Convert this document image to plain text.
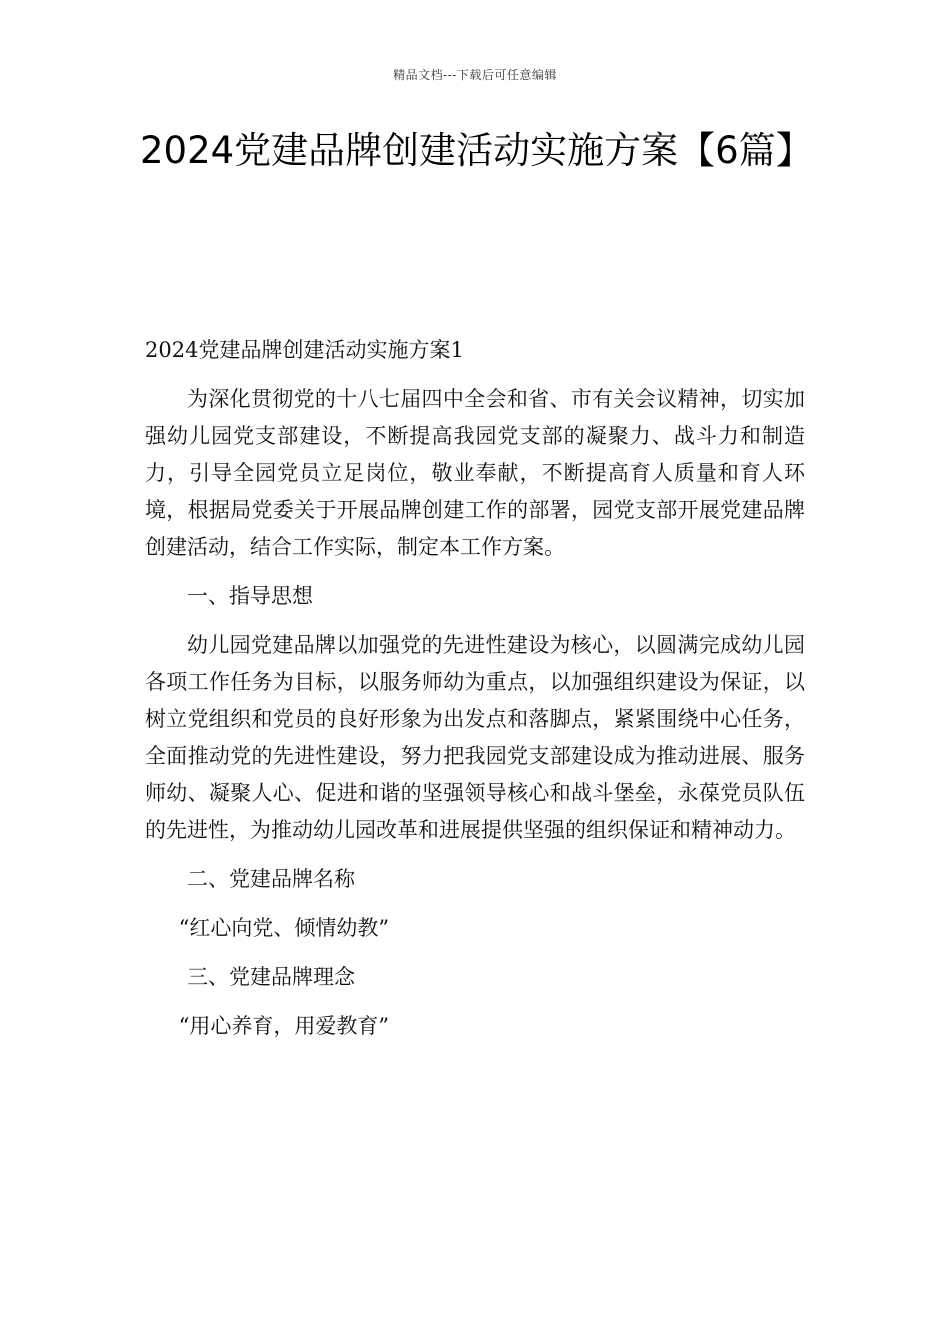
精品文档---下载后可任意编辑
2024党建品牌创建活动实施方案【6篇】

2024党建品牌创建活动实施方案1

为深化贯彻党的十八七届四中全会和省、市有关会议精神，切实加强幼儿园党支部建设，不断提高我园党支部的凝聚力、战斗力和制造力，引导全园党员立足岗位，敬业奉献，不断提高育人质量和育人环境，根据局党委关于开展品牌创建工作的部署，园党支部开展党建品牌创建活动，结合工作实际，制定本工作方案。

一、指导思想

幼儿园党建品牌以加强党的先进性建设为核心，以圆满完成幼儿园各项工作任务为目标，以服务师幼为重点，以加强组织建设为保证，以树立党组织和党员的良好形象为出发点和落脚点，紧紧围绕中心任务，全面推动党的先进性建设，努力把我园党支部建设成为推动进展、服务师幼、凝聚人心、促进和谐的坚强领导核心和战斗堡垒，永葆党员队伍的先进性，为推动幼儿园改革和进展提供坚强的组织保证和精神动力。

二、党建品牌名称

“红心向党、倾情幼教”

三、党建品牌理念

“用心养育，用爱教育”
